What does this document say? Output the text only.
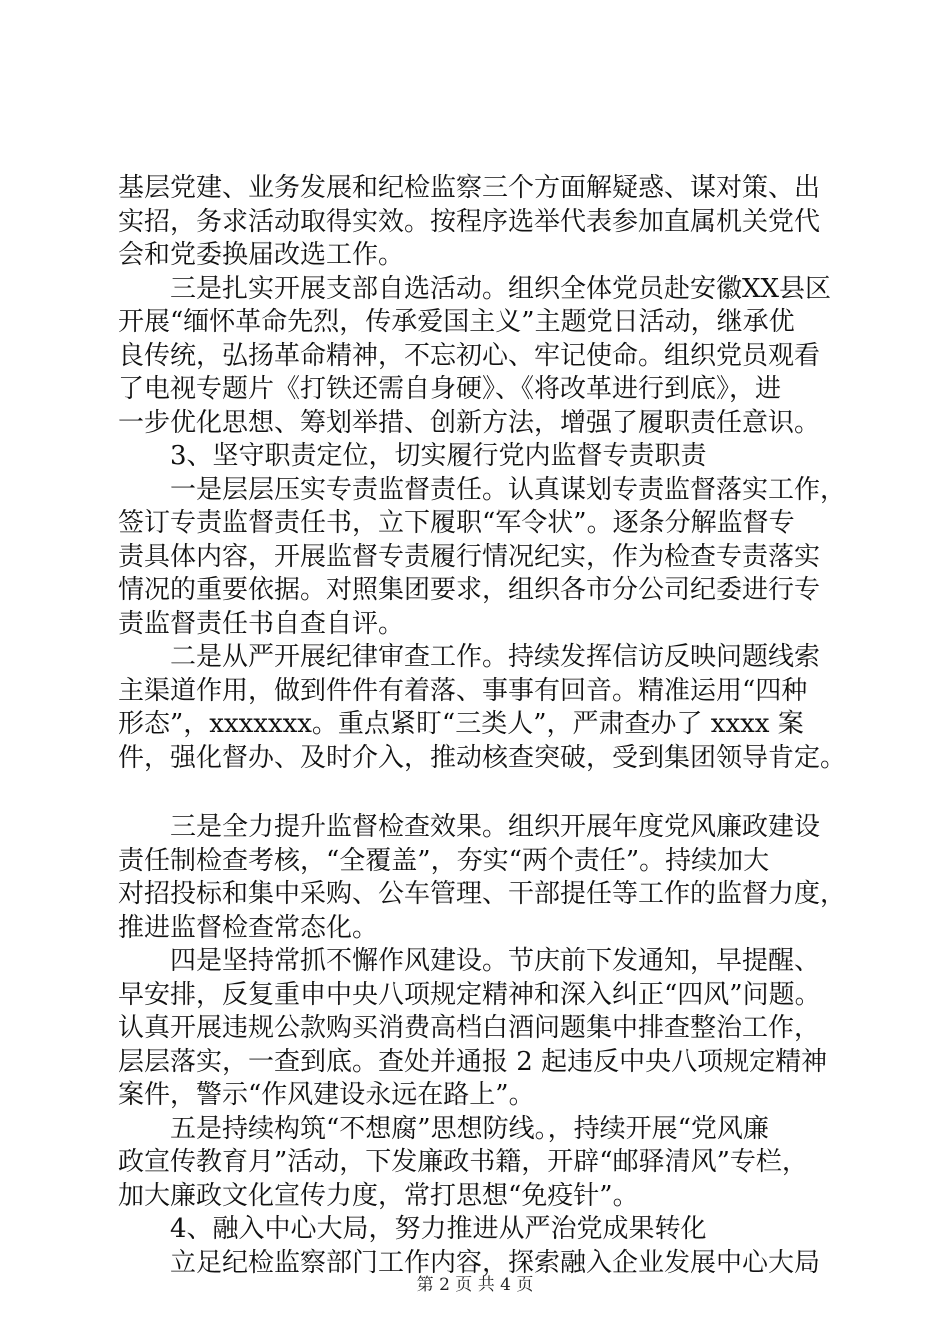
基层党建、业务发展和纪检监察三个方面解疑惑、谋对策、出
实招，务求活动取得实效。按程序选举代表参加直属机关党代
会和党委换届改选工作。
三是扎实开展支部自选活动。组织全体党员赴安徽XX县区
开展“缅怀革命先烈，传承爱国主义”主题党日活动，继承优
良传统，弘扬革命精神，不忘初心、牢记使命。组织党员观看
了电视专题片《打铁还需自身硬》、《将改革进行到底》，进
一步优化思想、筹划举措、创新方法，增强了履职责任意识。
3、坚守职责定位，切实履行党内监督专责职责
一是层层压实专责监督责任。认真谋划专责监督落实工作，
签订专责监督责任书，立下履职“军令状”。逐条分解监督专
责具体内容，开展监督专责履行情况纪实，作为检查专责落实
情况的重要依据。对照集团要求，组织各市分公司纪委进行专
责监督责任书自查自评。
二是从严开展纪律审查工作。持续发挥信访反映问题线索
主渠道作用，做到件件有着落、事事有回音。精准运用“四种
形态”，xxxxxxx。重点紧盯“三类人”，严肃查办了 xxxx 案
件，强化督办、及时介入，推动核查突破，受到集团领导肯定。
三是全力提升监督检查效果。组织开展年度党风廉政建设
责任制检查考核，“全覆盖”，夯实“两个责任”。持续加大
对招投标和集中采购、公车管理、干部提任等工作的监督力度，
推进监督检查常态化。
四是坚持常抓不懈作风建设。节庆前下发通知，早提醒、
早安排，反复重申中央八项规定精神和深入纠正“四风”问题。
认真开展违规公款购买消费高档白酒问题集中排查整治工作，
层层落实，一查到底。查处并通报 2 起违反中央八项规定精神
案件，警示“作风建设永远在路上”。
五是持续构筑“不想腐”思想防线。，持续开展“党风廉
政宣传教育月”活动，下发廉政书籍，开辟“邮驿清风”专栏，
加大廉政文化宣传力度，常打思想“免疫针”。
4、融入中心大局，努力推进从严治党成果转化
立足纪检监察部门工作内容，探索融入企业发展中心大局
第 2 页 共 4 页
